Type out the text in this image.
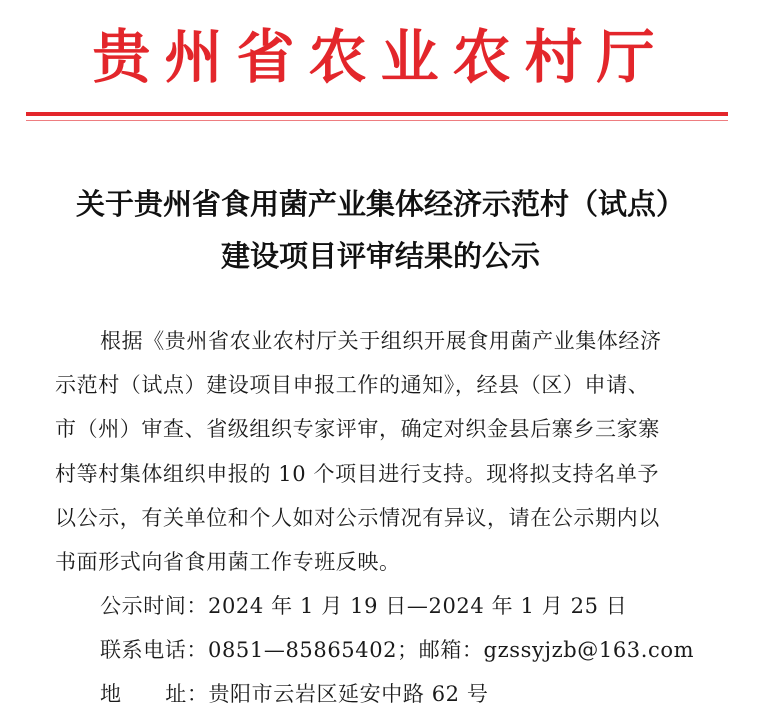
贵州省农业农村厅
关于贵州省食用菌产业集体经济示范村（试点）
建设项目评审结果的公示
根据《贵州省农业农村厅关于组织开展食用菌产业集体经济
示范村（试点）建设项目申报工作的通知》，经县（区）申请、
市（州）审查、省级组织专家评审，确定对织金县后寨乡三家寨
村等村集体组织申报的 10 个项目进行支持。现将拟支持名单予
以公示，有关单位和个人如对公示情况有异议，请在公示期内以
书面形式向省食用菌工作专班反映。
公示时间：2024 年 1 月 19 日—2024 年 1 月 25 日
联系电话：0851—85865402；邮箱：gzssyjzb@163.com
地      址：贵阳市云岩区延安中路 62 号
